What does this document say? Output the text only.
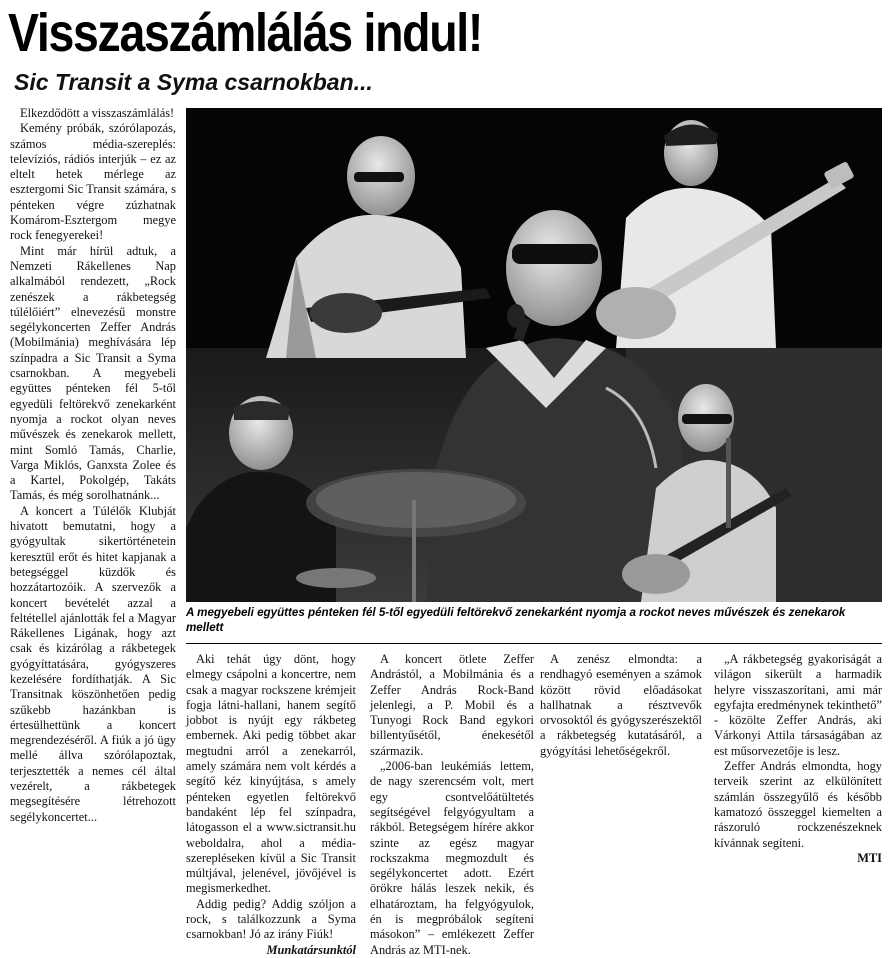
Visszaszámlálás indul!
Sic Transit a Syma csarnokban...

Elkezdődött a visszaszámlálás!

Kemény próbák, szórólapozás, számos média-szereplés: televíziós, rádiós interjúk – ez az eltelt hetek mérlege az esztergomi Sic Transit számára, s pénteken végre zúzhatnak Komárom-Esztergom megye rock fenegyerekei!

Mint már hírül adtuk, a Nemzeti Rákellenes Nap alkalmából rendezett, „Rock zenészek a rákbetegség túlélőiért” elnevezésű monstre segélykoncerten Zeffer András (Mobilmánia) meghívására lép színpadra a Sic Transit a Syma csarnokban. A megyebeli együttes pénteken fél 5-től egyedüli feltörekvő zenekarként nyomja a rockot olyan neves művészek és zenekarok mellett, mint Somló Tamás, Charlie, Varga Miklós, Ganxsta Zolee és a Kartel, Pokolgép, Takáts Tamás, és még sorolhatnánk...

A koncert a Túlélők Klubját hivatott bemutatni, hogy a gyógyultak sikertörténetein keresztül erőt és hitet kapjanak a betegséggel küzdők és hozzátartozóik. A szervezők a koncert bevételét azzal a feltétellel ajánlották fel a Magyar Rákellenes Ligának, hogy azt csak és kizárólag a rákbetegek gyógyíttatására, gyógyszeres kezelésére fordíthatják. A Sic Transitnak köszönhetően pedig szűkebb hazánkban is értesülhettünk a koncert megrendezéséről. A fiúk a jó ügy mellé állva szórólapoztak, terjesztették a nemes cél által vezérelt, a rákbetegek megsegítésére létrehozott segélykoncertet...

A megyebeli együttes pénteken fél 5-től egyedüli feltörekvő zenekarként nyomja a rockot neves művészek és zenekarok mellett

Aki tehát úgy dönt, hogy elmegy csápolni a koncertre, nem csak a magyar rockszene krémjeit fogja látni-hallani, hanem segítő jobbot is nyújt egy rákbeteg embernek. Aki pedig többet akar megtudni arról a zenekarról, amely számára nem volt kérdés a segítő kéz kinyújtása, s amely pénteken egyetlen feltörekvő bandaként lép fel színpadra, látogasson el a www.sictransit.hu weboldalra, ahol a média-szerepléseken kívül a Sic Transit múltjával, jelenével, jövőjével is megismerkedhet.

Addig pedig? Addig szóljon a rock, s találkozzunk a Syma csarnokban! Jó az irány Fiúk!

Munkatársunktól

A koncert ötlete Zeffer Andrástól, a Mobilmánia és a Zeffer András Rock-Band jelenlegi, a P. Mobil és a Tunyogi Rock Band egykori billentyűsétől, énekesétől származik.

„2006-ban leukémiás lettem, de nagy szerencsém volt, mert egy csontvelőátültetés segítségével felgyógyultam a rákból. Betegségem hírére akkor szinte az egész magyar rockszakma megmozdult és segélykoncertet adott. Ezért örökre hálás leszek nekik, és elhatároztam, ha felgyógyulok, én is megpróbálok segíteni másokon” – emlékezett Zeffer András az MTI-nek.

A zenész elmondta: a rendhagyó eseményen a számok között rövid előadásokat hallhatnak a résztvevők orvosoktól és gyógyszerészektől a rákbetegség kutatásáról, a gyógyítási lehetőségekről.

„A rákbetegség gyakoriságát a világon sikerült a harmadik helyre visszaszorítani, ami már egyfajta eredménynek tekinthető” - közölte Zeffer András, aki Várkonyi Attila társaságában az est műsorvezetője is lesz.

Zeffer András elmondta, hogy terveik szerint az elkülönített számlán összegyűlő és később kamatozó összeggel kiemelten a rászoruló rockzenészeknek kívánnak segíteni.

MTI
